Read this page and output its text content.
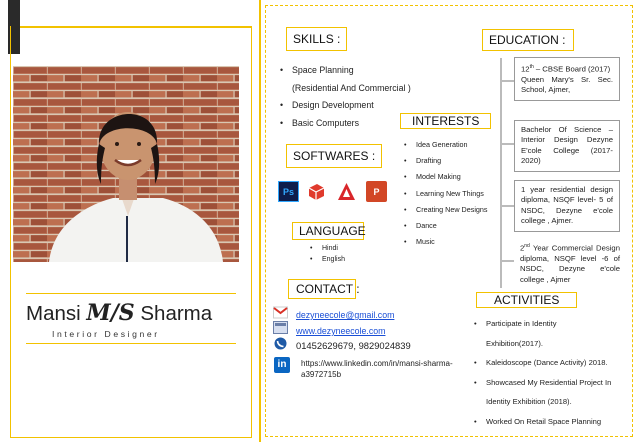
Mansi M/S Sharma
Interior Designer
SKILLS :
• Space Planning
(Residential And Commercial )
• Design Development
• Basic Computers
SOFTWARES :
Ps	P
LANGUAGE
• Hindi
• English
CONTACT :
dezyneecole@gmail.com
www.dezyneecole.com
01452629679, 9829024839
in	https://www.linkedin.com/in/mansi-sharma-
a3972715b
INTERESTS
• Idea Generation
• Drafting
• Model Making
• Learning New Things
• Creating New Designs
• Dance
• Music
EDUCATION :
12th – CBSE Board (2017)
Queen Mary's Sr. Sec. School, Ajmer,
Bachelor Of Science – Interior Design Dezyne E'cole College (2017-2020)
1 year residential design diploma, NSQF level- 5 of NSDC, Dezyne e'cole college , Ajmer.
2nd Year Commercial Design diploma, NSQF level -6 of NSDC, Dezyne e'cole college , Ajmer
ACTIVITIES
• Participate in Identity
Exhibition(2017).
• Kaleidoscope (Dance Activity) 2018.
• Showcased My Residential Project In
Identity Exhibition (2018).
• Worked On Retail Space Planning
